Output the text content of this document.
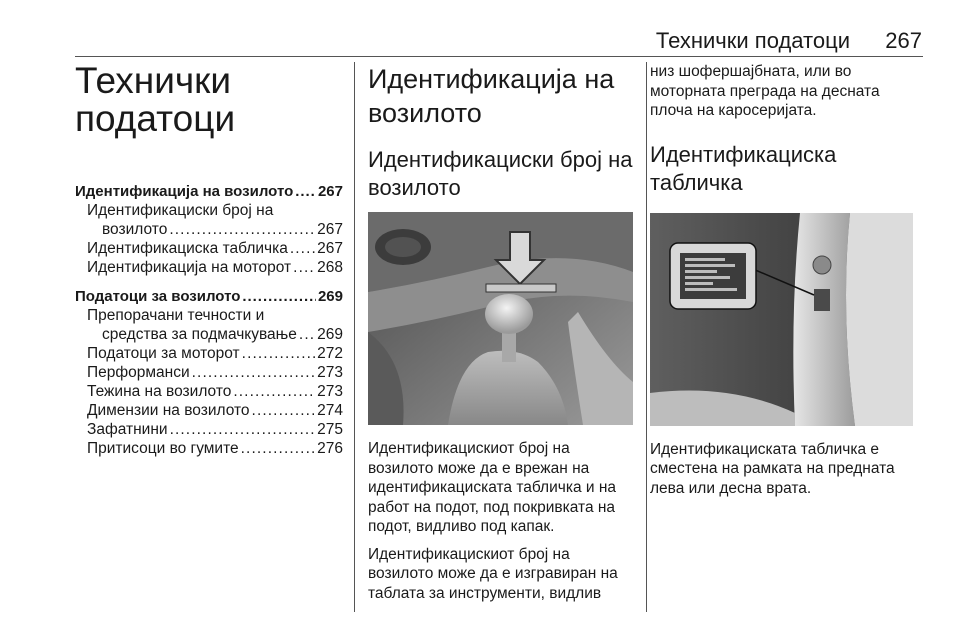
Технички податоци 267
Технички податоци
Идентификација на возилото . . . 267
Идентификациски број на
возилото . . .	267
Идентификациска табличка . . . 267
Идентификација на моторот . . . 268
Податоци за возилото . . .	269
Препорачани течности и
средства за подмачкување . . . 269
Податоци за моторот . . .	272
Перформанси . . .	273
Тежина на возилото . . .	273
Димензии на возилото . . .	274
Зафатнини . . .	275
Притисоци во гумите . . .	276
Идентификација на возилото
Идентификациски број на возилото

Идентификацискиот број на возилото може да е врежан на идентификациската табличка и на работ на подот, под покривката на подот, видливо под капак.

Идентификацискиот број на возилото може да е изгравиран на таблата за инструменти, видлив

низ шофершајбната, или во моторната преграда на десната плоча на каросеријата.

Идентификациска табличка

Идентификациската табличка е сместена на рамката на предната лева или десна врата.
